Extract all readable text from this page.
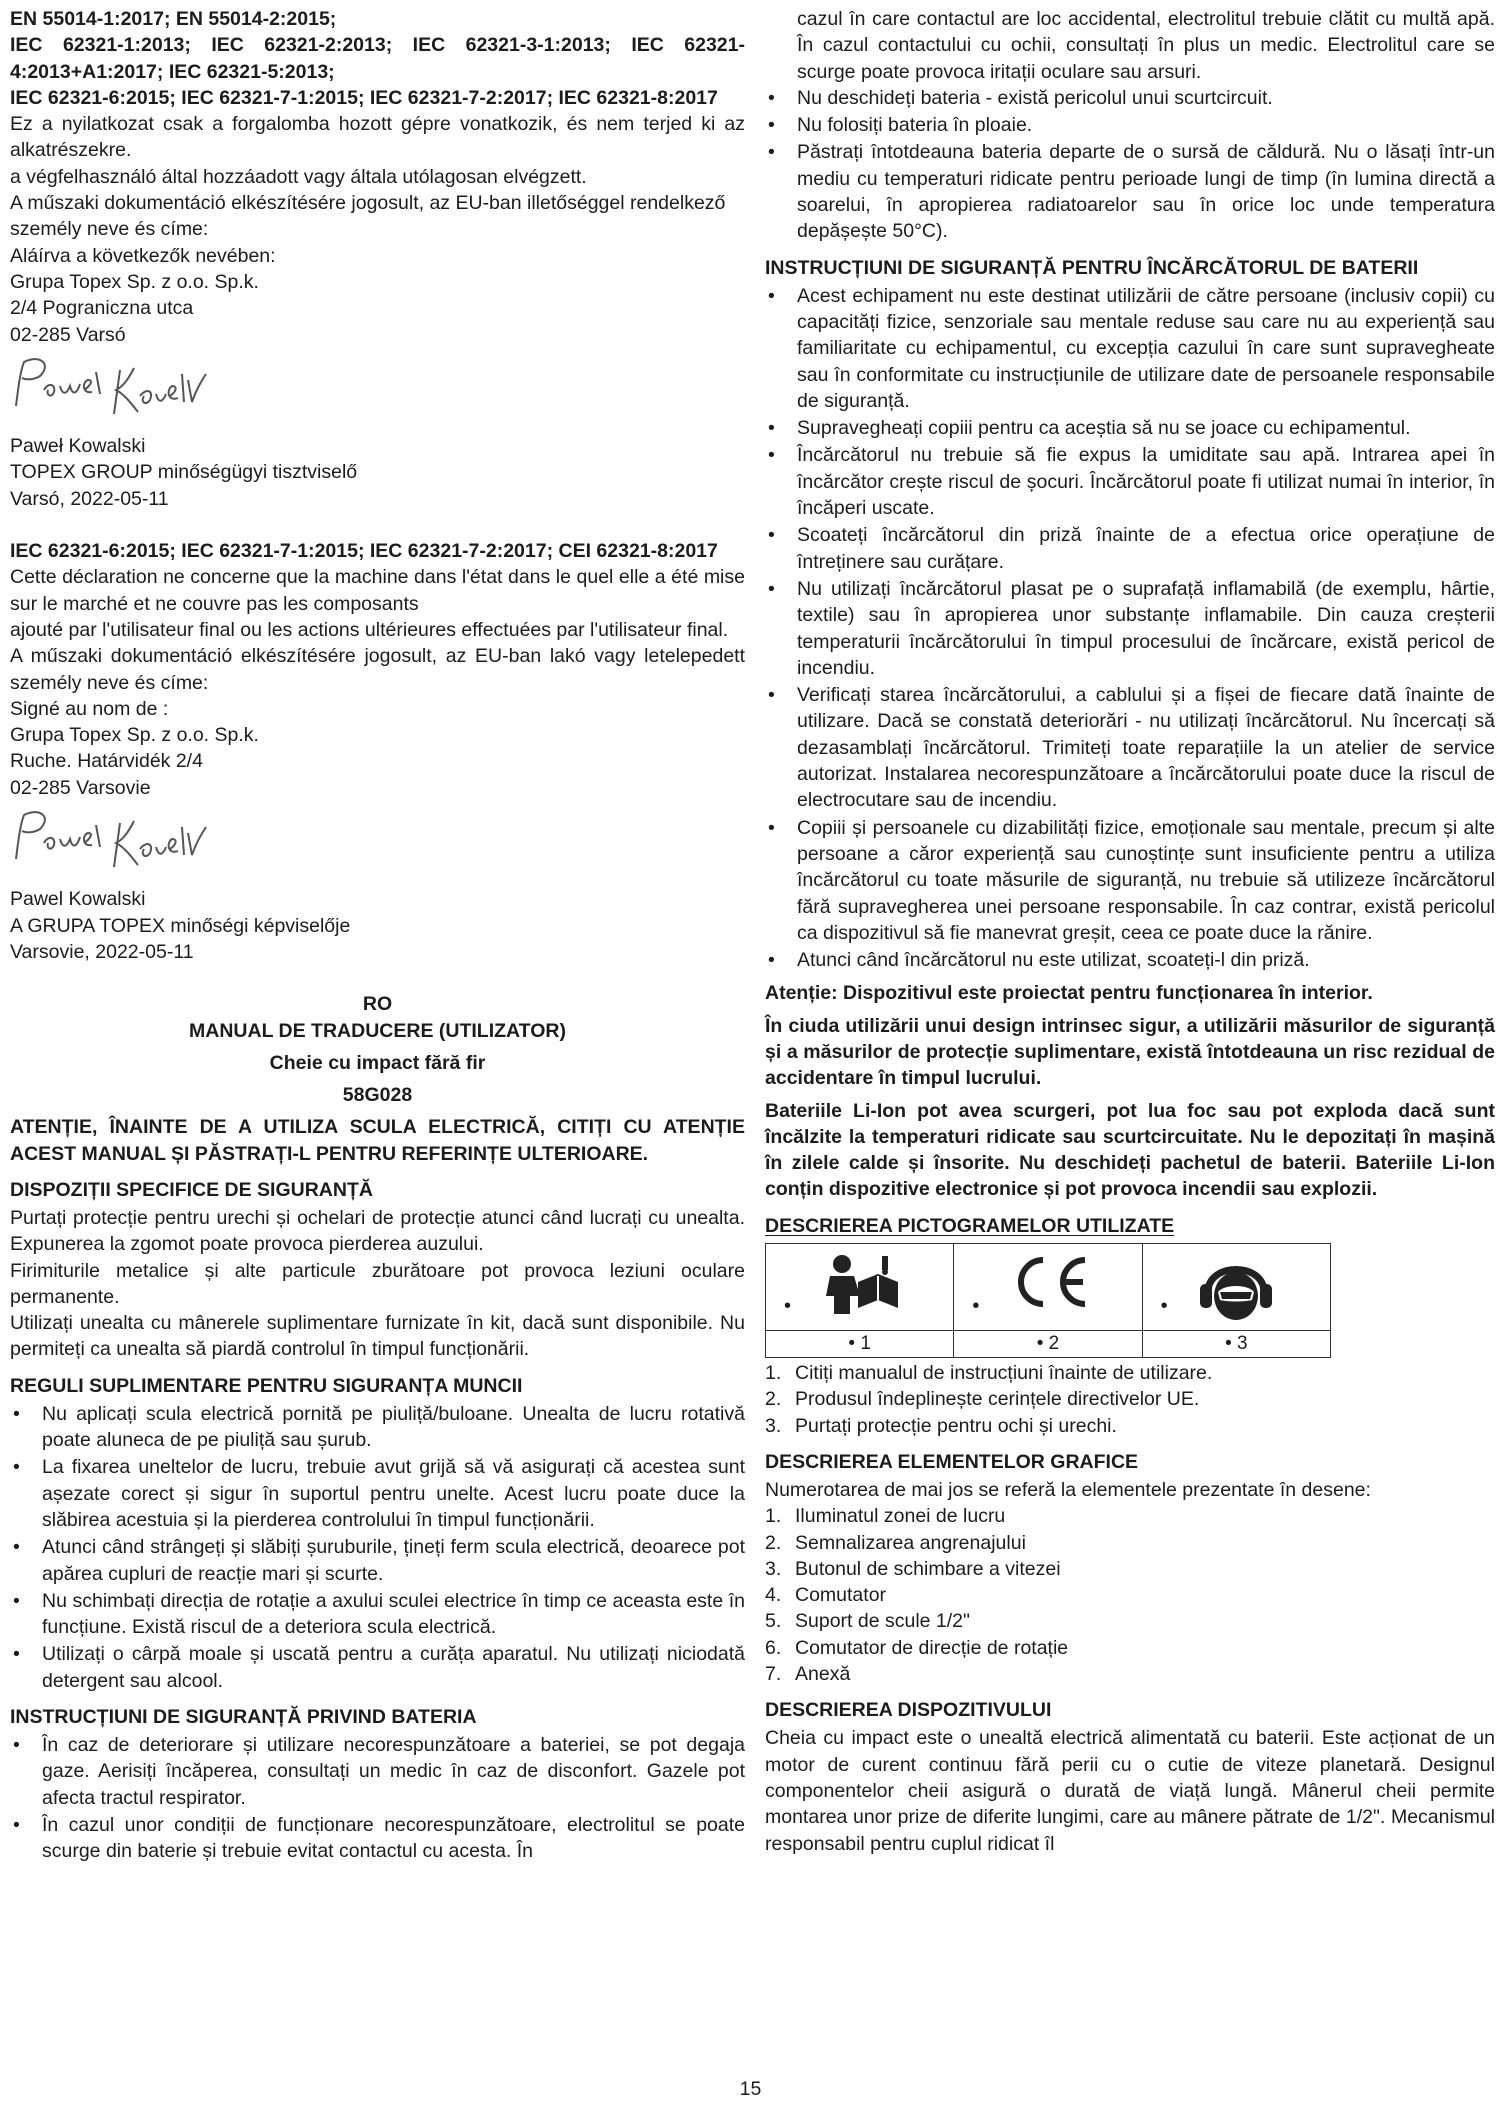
EN 55014-1:2017; EN 55014-2:2015;

IEC 62321-1:2013; IEC 62321-2:2013; IEC 62321-3-1:2013; IEC 62321-4:2013+A1:2017; IEC 62321-5:2013;

IEC 62321-6:2015; IEC 62321-7-1:2015; IEC 62321-7-2:2017; IEC 62321-8:2017

Ez a nyilatkozat csak a forgalomba hozott gépre vonatkozik, és nem terjed ki az alkatrészekre.

a végfelhasználó által hozzáadott vagy általa utólagosan elvégzett.

A műszaki dokumentáció elkészítésére jogosult, az EU-ban illetőséggel rendelkező személy neve és címe:

Aláírva a következők nevében:

Grupa Topex Sp. z o.o. Sp.k.

2/4 Pograniczna utca

02-285 Varsó

Paweł Kowalski

TOPEX GROUP minőségügyi tisztviselő

Varsó, 2022-05-11

IEC 62321-6:2015; IEC 62321-7-1:2015; IEC 62321-7-2:2017; CEI 62321-8:2017

Cette déclaration ne concerne que la machine dans l'état dans le quel elle a été mise sur le marché et ne couvre pas les composants

ajouté par l'utilisateur final ou les actions ultérieures effectuées par l'utilisateur final.

A műszaki dokumentáció elkészítésére jogosult, az EU-ban lakó vagy letelepedett személy neve és címe:

Signé au nom de :

Grupa Topex Sp. z o.o. Sp.k.

Ruche. Határvidék 2/4

02-285 Varsovie

Pawel Kowalski

A GRUPA TOPEX minőségi képviselője

Varsovie, 2022-05-11

RO

MANUAL DE TRADUCERE (UTILIZATOR)

Cheie cu impact fără fir

58G028

ATENȚIE, ÎNAINTE DE A UTILIZA SCULA ELECTRICĂ, CITIȚI CU ATENȚIE ACEST MANUAL ȘI PĂSTRAȚI-L PENTRU REFERINȚE ULTERIOARE.

DISPOZIȚII SPECIFICE DE SIGURANȚĂ

Purtați protecție pentru urechi și ochelari de protecție atunci când lucrați cu unealta. Expunerea la zgomot poate provoca pierderea auzului.

Firimiturile metalice și alte particule zburătoare pot provoca leziuni oculare permanente.

Utilizați unealta cu mânerele suplimentare furnizate în kit, dacă sunt disponibile. Nu permiteți ca unealta să piardă controlul în timpul funcționării.

REGULI SUPLIMENTARE PENTRU SIGURANȚA MUNCII
• Nu aplicați scula electrică pornită pe piuliță/buloane. Unealta de lucru rotativă poate aluneca de pe piuliță sau șurub.
• La fixarea uneltelor de lucru, trebuie avut grijă să vă asigurați că acestea sunt așezate corect și sigur în suportul pentru unelte. Acest lucru poate duce la slăbirea acestuia și la pierderea controlului în timpul funcționării.
• Atunci când strângeți și slăbiți șuruburile, țineți ferm scula electrică, deoarece pot apărea cupluri de reacție mari și scurte.
• Nu schimbați direcția de rotație a axului sculei electrice în timp ce aceasta este în funcțiune. Există riscul de a deteriora scula electrică.
• Utilizați o cârpă moale și uscată pentru a curăța aparatul. Nu utilizați niciodată detergent sau alcool.
INSTRUCȚIUNI DE SIGURANȚĂ PRIVIND BATERIA
• În caz de deteriorare și utilizare necorespunzătoare a bateriei, se pot degaja gaze. Aerisiți încăperea, consultați un medic în caz de disconfort. Gazele pot afecta tractul respirator.
• În cazul unor condiții de funcționare necorespunzătoare, electrolitul se poate scurge din baterie și trebuie evitat contactul cu acesta. În

cazul în care contactul are loc accidental, electrolitul trebuie clătit cu multă apă. În cazul contactului cu ochii, consultați în plus un medic. Electrolitul care se scurge poate provoca iritații oculare sau arsuri.

• Nu deschideți bateria - există pericolul unui scurtcircuit.
• Nu folosiți bateria în ploaie.
• Păstrați întotdeauna bateria departe de o sursă de căldură. Nu o lăsați într-un mediu cu temperaturi ridicate pentru perioade lungi de timp (în lumina directă a soarelui, în apropierea radiatoarelor sau în orice loc unde temperatura depășește 50°C).
INSTRUCȚIUNI DE SIGURANȚĂ PENTRU ÎNCĂRCĂTORUL DE BATERII
• Acest echipament nu este destinat utilizării de către persoane (inclusiv copii) cu capacități fizice, senzoriale sau mentale reduse sau care nu au experiență sau familiaritate cu echipamentul, cu excepția cazului în care sunt supravegheate sau în conformitate cu instrucțiunile de utilizare date de persoanele responsabile de siguranță.
• Supravegheați copiii pentru ca aceștia să nu se joace cu echipamentul.
• Încărcătorul nu trebuie să fie expus la umiditate sau apă. Intrarea apei în încărcător crește riscul de șocuri. Încărcătorul poate fi utilizat numai în interior, în încăperi uscate.
• Scoateți încărcătorul din priză înainte de a efectua orice operațiune de întreținere sau curățare.
• Nu utilizați încărcătorul plasat pe o suprafață inflamabilă (de exemplu, hârtie, textile) sau în apropierea unor substanțe inflamabile. Din cauza creșterii temperaturii încărcătorului în timpul procesului de încărcare, există pericol de incendiu.
• Verificați starea încărcătorului, a cablului și a fișei de fiecare dată înainte de utilizare. Dacă se constată deteriorări - nu utilizați încărcătorul. Nu încercați să dezasamblați încărcătorul. Trimiteți toate reparațiile la un atelier de service autorizat. Instalarea necorespunzătoare a încărcătorului poate duce la riscul de electrocutare sau de incendiu.
• Copiii și persoanele cu dizabilități fizice, emoționale sau mentale, precum și alte persoane a căror experiență sau cunoștințe sunt insuficiente pentru a utiliza încărcătorul cu toate măsurile de siguranță, nu trebuie să utilizeze încărcătorul fără supravegherea unei persoane responsabile. În caz contrar, există pericolul ca dispozitivul să fie manevrat greșit, ceea ce poate duce la rănire.
• Atunci când încărcătorul nu este utilizat, scoateți-l din priză.

Atenție: Dispozitivul este proiectat pentru funcționarea în interior.

În ciuda utilizării unui design intrinsec sigur, a utilizării măsurilor de siguranță și a măsurilor de protecție suplimentare, există întotdeauna un risc rezidual de accidentare în timpul lucrului.

Bateriile Li-Ion pot avea scurgeri, pot lua foc sau pot exploda dacă sunt încălzite la temperaturi ridicate sau scurtcircuitate. Nu le depozitați în mașină în zilele calde și însorite. Nu deschideți pachetul de baterii. Bateriile Li-Ion conțin dispozitive electronice și pot provoca incendii sau explozii.

DESCRIEREA PICTOGRAMELOR UTILIZATE
•	•	•

• 1	• 2	• 3
1. Citiți manualul de instrucțiuni înainte de utilizare.
2. Produsul îndeplinește cerințele directivelor UE.
3. Purtați protecție pentru ochi și urechi.
DESCRIEREA ELEMENTELOR GRAFICE

Numerotarea de mai jos se referă la elementele prezentate în desene:

1. Iluminatul zonei de lucru
2. Semnalizarea angrenajului
3. Butonul de schimbare a vitezei
4. Comutator
5. Suport de scule 1/2"
6. Comutator de direcție de rotație
7. Anexă
DESCRIEREA DISPOZITIVULUI

Cheia cu impact este o unealtă electrică alimentată cu baterii. Este acționat de un motor de curent continuu fără perii cu o cutie de viteze planetară. Designul componentelor cheii asigură o durată de viață lungă. Mânerul cheii permite montarea unor prize de diferite lungimi, care au mânere pătrate de 1/2". Mecanismul responsabil pentru cuplul ridicat îl

15
